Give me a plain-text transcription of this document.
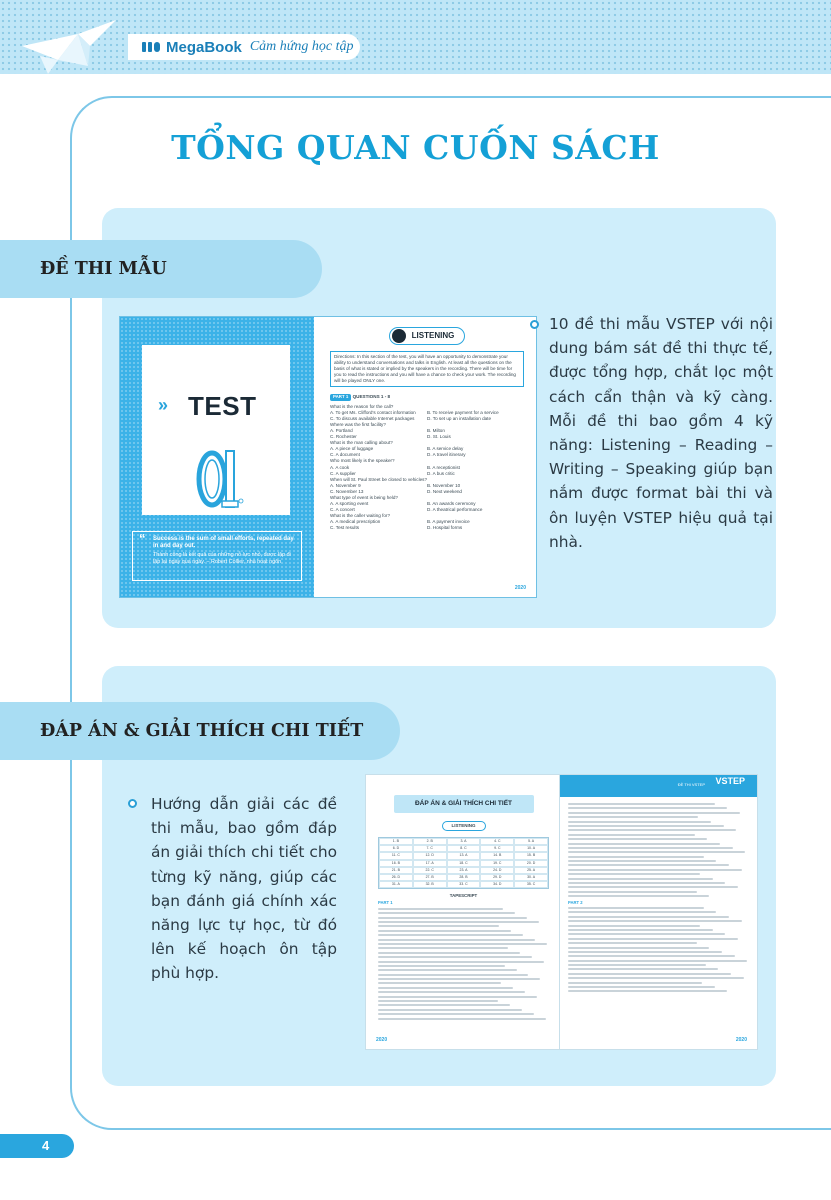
MegaBook Cảm hứng học tập
TỔNG QUAN CUỐN SÁCH
ĐỀ THI MẪU
» TEST
“ Success is the sum of small efforts, repeated day in and day out.
Thành công là kết quả của những nỗ lực nhỏ, được lặp đi lặp lại ngày qua ngày. – Robert Collier, nhà hoạt ngôn
LISTENING
Directions: In this section of the test, you will have an opportunity to demonstrate your ability to understand conversations and talks in English. At least all the questions on the basis of what is stated or implied by the speakers in the recording. There will be time for you to read the instructions and you will have a chance to check your work. The recording will be played ONLY one.
PART 1 QUESTIONS 1 - 8
What is the reason for the call?
A. To get Ms. Clifford's contact information	B. To receive payment for a service
C. To discuss available Internet packages	D. To set up an installation date
Where was the first facility?
A. Portland	B. Milton
C. Rochester	D. St. Louis
What is the man calling about?
A. A piece of luggage	B. A service delay
C. A document	D. A travel itinerary
Who most likely is the speaker?
A. A cook	B. A receptionist
C. A supplier	D. A bus critic
When will St. Paul Street be closed to vehicles?
A. November 9	B. November 10
C. November 13	D. Next weekend
What type of event is being held?
A. A sporting event	B. An awards ceremony
C. A concert	D. A theatrical performance
What is the caller waiting for?
A. A medical prescription	B. A payment invoice
C. Test results	D. Hospital forms
2020

10 đề thi mẫu VSTEP với nội dung bám sát đề thi thực tế, được tổng hợp, chắt lọc một cách cẩn thận và kỹ càng. Mỗi đề thi bao gồm 4 kỹ năng: Listening – Reading – Writing – Speaking giúp bạn nắm được format bài thi và ôn luyện VSTEP hiệu quả tại nhà.

ĐÁP ÁN & GIẢI THÍCH CHI TIẾT

Hướng dẫn giải các đề thi mẫu, bao gồm đáp án giải thích chi tiết cho từng kỹ năng, giúp các bạn đánh giá chính xác năng lực tự học, từ đó lên kế hoạch ôn tập phù hợp.

ĐÁP ÁN & GIẢI THÍCH CHI TIẾT
LISTENING
1. B	2. B	3. A	4. C	5. A
6. D	7. C	8. C	9. C	10. A
11. C	12. D	13. A	14. B	15. B
16. B	17. A	18. C	19. C	20. D
21. B	22. C	23. A	24. D	25. A
26. D	27. B	28. B	29. D	30. A
31. A	32. B	33. C	34. D	35. C
TAPESCRIPT
PART 1
2020
ĐỀ THI VSTEP VSTEP
PART 2
2020
4
